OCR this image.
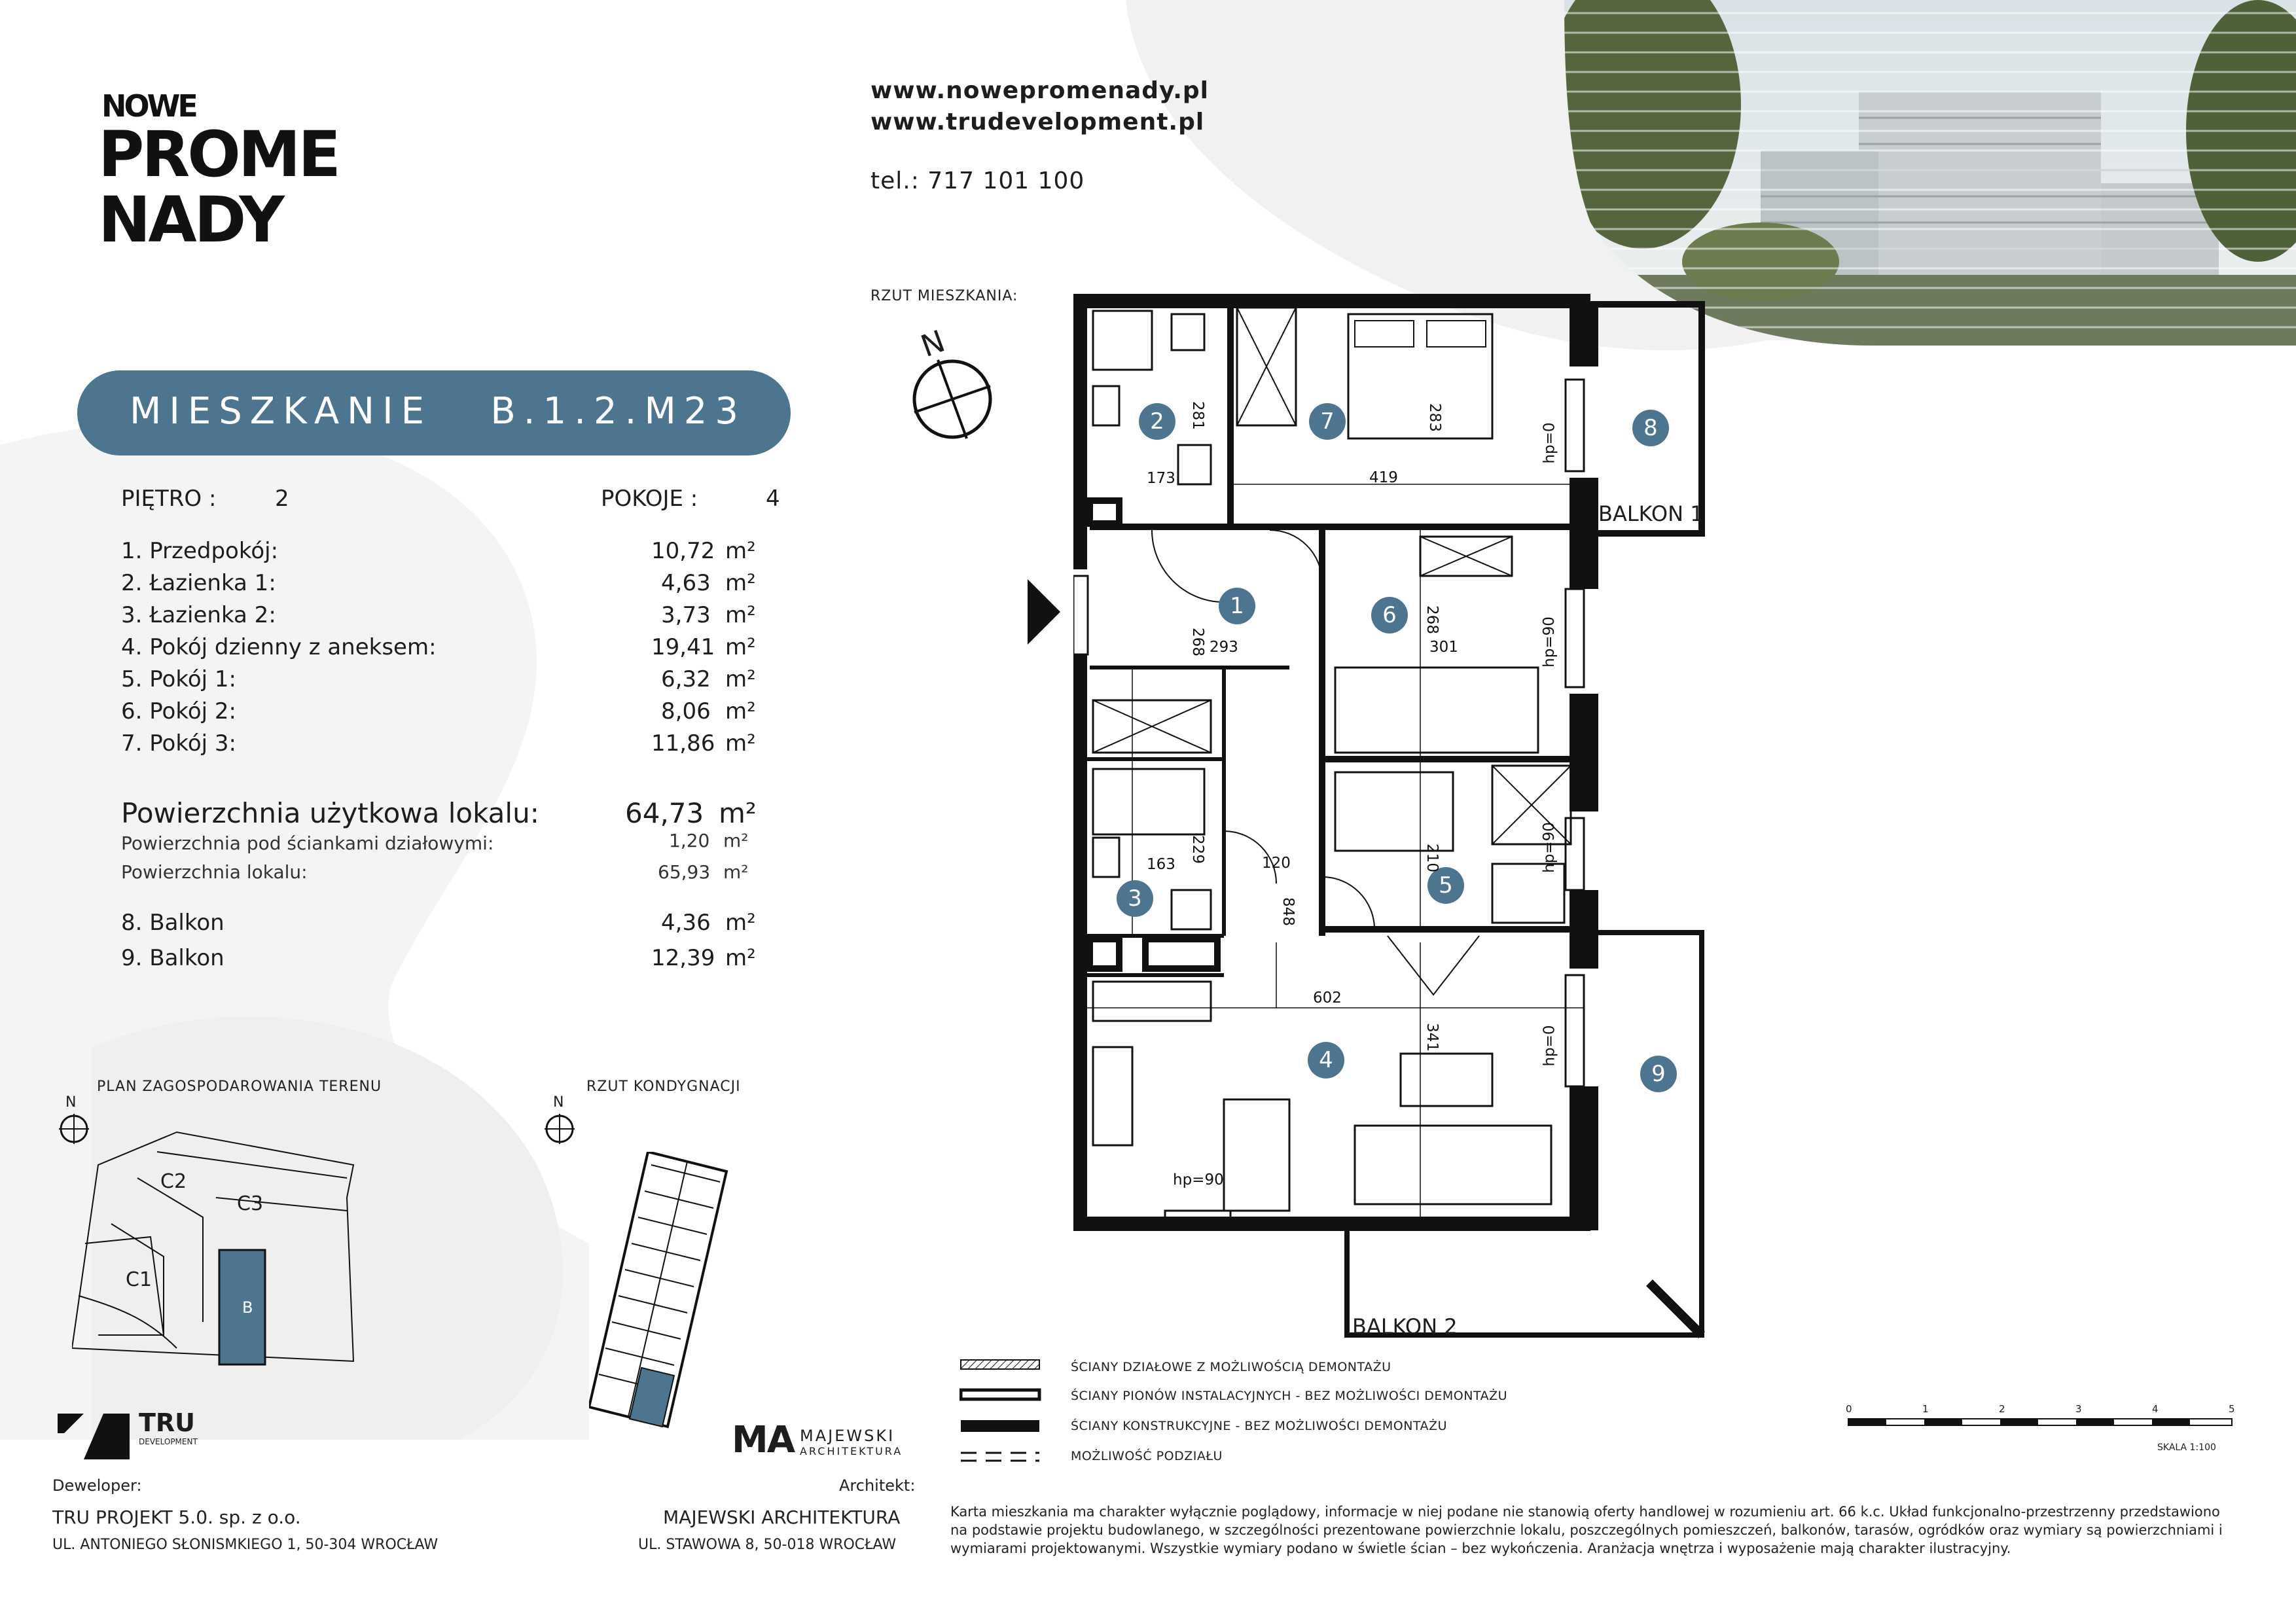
NOWE
PROME
NADY
www.nowepromenady.pl
www.trudevelopment.pl
tel.: 717 101 100
MIESZKANIE   B.1.2.M23
PIĘTRO :	2	POKOJE :	4
1. Przedpokój:	10,72 m²
2. Łazienka 1:	4,63 m²
3. Łazienka 2:	3,73 m²
4. Pokój dzienny z aneksem:	19,41 m²
5. Pokój 1:	6,32 m²
6. Pokój 2:	8,06 m²
7. Pokój 3:	11,86 m²
Powierzchnia użytkowa lokalu:	64,73 m²
Powierzchnia pod ściankami działowymi:	1,20 m²
Powierzchnia lokalu:	65,93 m²
8. Balkon	4,36 m²
9. Balkon	12,39 m²
RZUT MIESZKANIA:
N
2	7	8
1	6
3	5
4
9
281
173
283
419
hp=0
268 293
268
301	hp=90
229
163	120
848
210	hp=90
602
341	hp=0
hp=90
BALKON 1
BALKON 2
PLAN ZAGOSPODAROWANIA TERENU
N
C2
C3
C1
B
RZUT KONDYGNACJI
N
ŚCIANY DZIAŁOWE Z MOŻLIWOŚCIĄ DEMONTAŻU
ŚCIANY PIONÓW INSTALACYJNYCH - BEZ MOŻLIWOŚCI DEMONTAŻU
ŚCIANY KONSTRUKCYJNE - BEZ MOŻLIWOŚCI DEMONTAŻU
MOŻLIWOŚĆ PODZIAŁU
0	1	2	3	4	5
SKALA 1:100
TRU
DEVELOPMENT
Deweloper:
TRU PROJEKT 5.0. sp. z o.o.
UL. ANTONIEGO SŁONISMKIEGO 1, 50-304 WROCŁAW
MA MAJEWSKI
ARCHITEKTURA
Architekt:
MAJEWSKI ARCHITEKTURA
UL. STAWOWA 8, 50-018 WROCŁAW
Karta mieszkania ma charakter wyłącznie poglądowy, informacje w niej podane nie stanowią oferty handlowej w rozumieniu art. 66 k.c. Układ funkcjonalno-przestrzenny przedstawiono na podstawie projektu budowlanego, w szczególności prezentowane powierzchnie lokalu, poszczególnych pomieszczeń, balkonów, tarasów, ogródków oraz wymiary są powierzchniami i wymiarami projektowanymi. Wszystkie wymiary podano w świetle ścian – bez wykończenia. Aranżacja wnętrza i wyposażenie mają charakter ilustracyjny.
